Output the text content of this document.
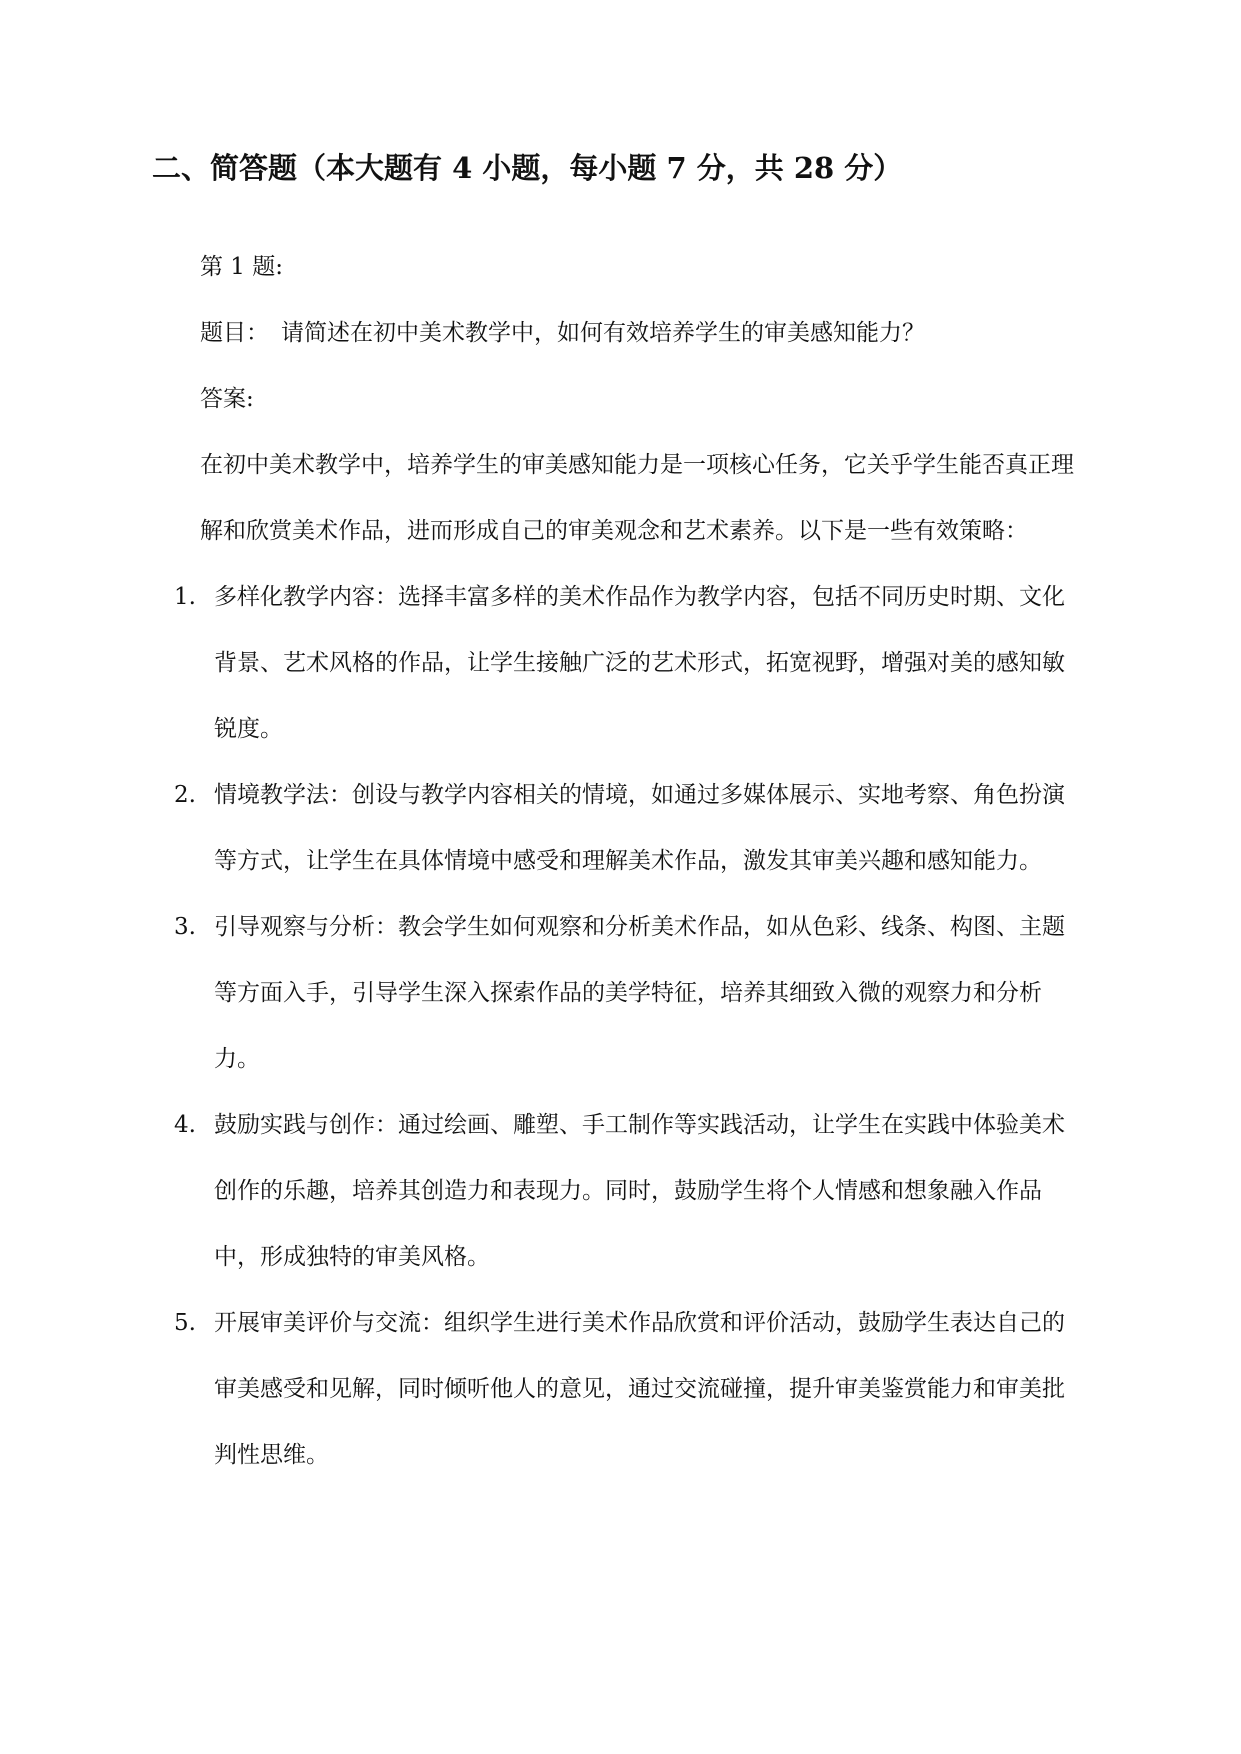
二、简答题（本大题有 4 小题，每小题 7 分，共 28 分）
第 1 题:
题目： 请简述在初中美术教学中，如何有效培养学生的审美感知能力？
答案:
在初中美术教学中，培养学生的审美感知能力是一项核心任务，它关乎学生能否真正理解和欣赏美术作品，进而形成自己的审美观念和艺术素养。以下是一些有效策略：
1. 多样化教学内容：选择丰富多样的美术作品作为教学内容，包括不同历史时期、文化背景、艺术风格的作品，让学生接触广泛的艺术形式，拓宽视野，增强对美的感知敏锐度。
2. 情境教学法：创设与教学内容相关的情境，如通过多媒体展示、实地考察、角色扮演等方式，让学生在具体情境中感受和理解美术作品，激发其审美兴趣和感知能力。
3. 引导观察与分析：教会学生如何观察和分析美术作品，如从色彩、线条、构图、主题等方面入手，引导学生深入探索作品的美学特征，培养其细致入微的观察力和分析力。
4. 鼓励实践与创作：通过绘画、雕塑、手工制作等实践活动，让学生在实践中体验美术创作的乐趣，培养其创造力和表现力。同时，鼓励学生将个人情感和想象融入作品中，形成独特的审美风格。
5. 开展审美评价与交流：组织学生进行美术作品欣赏和评价活动，鼓励学生表达自己的审美感受和见解，同时倾听他人的意见，通过交流碰撞，提升审美鉴赏能力和审美批判性思维。
